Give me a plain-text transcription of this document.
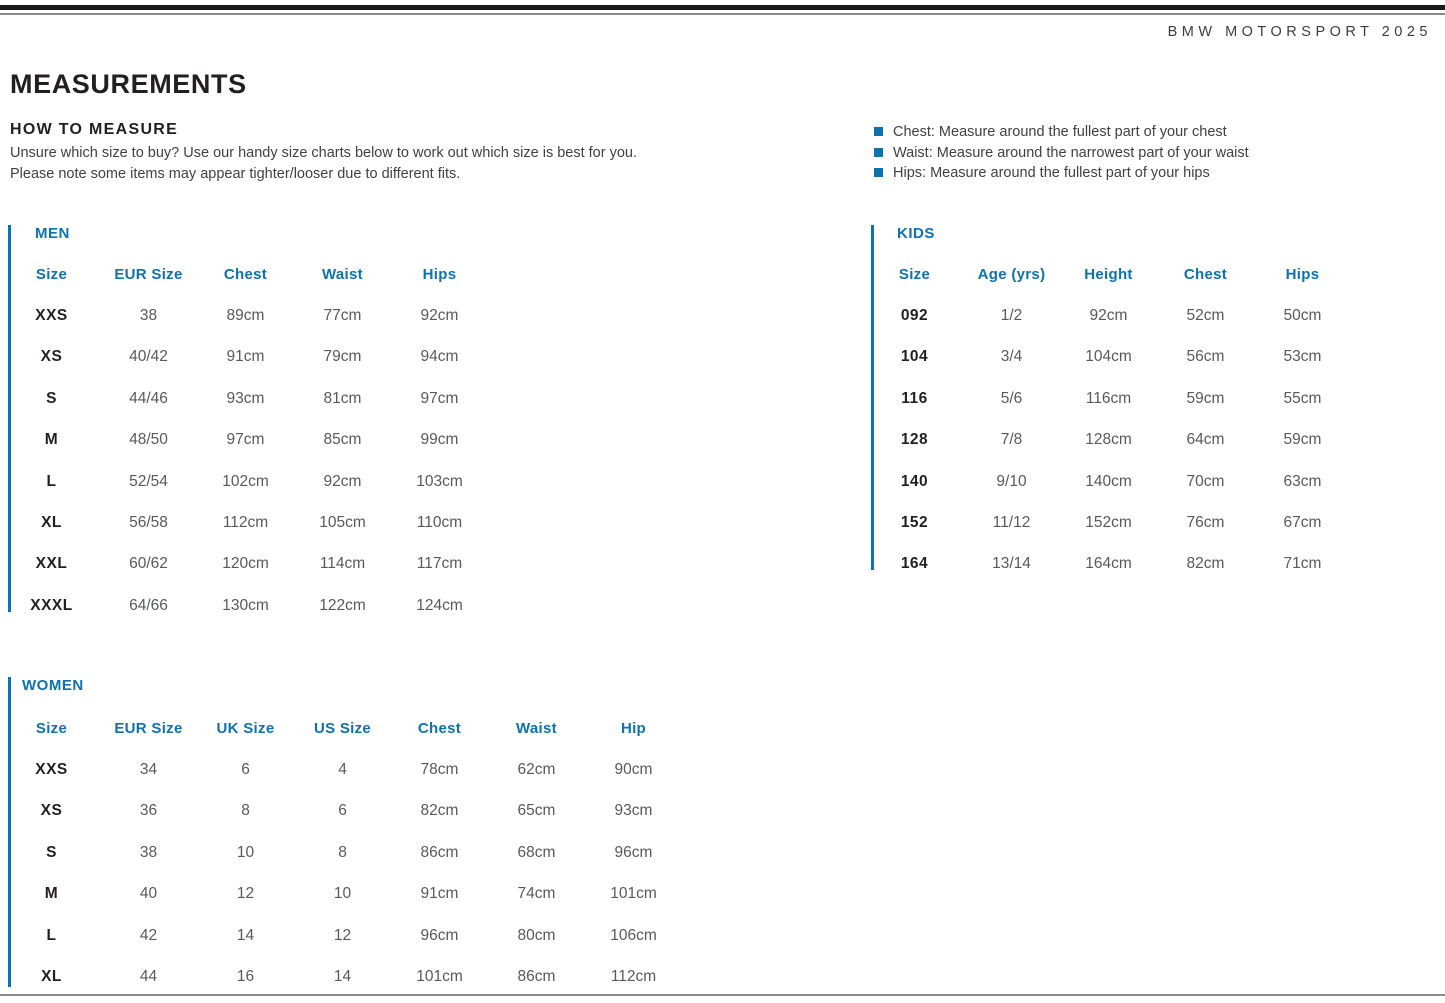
BMW MOTORSPORT 2025
MEASUREMENTS
HOW TO MEASURE
Unsure which size to buy? Use our handy size charts below to work out which size is best for you.
Please note some items may appear tighter/looser due to different fits.
Chest: Measure around the fullest part of your chest
Waist: Measure around the narrowest part of your waist
Hips: Measure around the fullest part of your hips
MEN
Size	EUR Size	Chest	Waist	Hips
XXS	38	89cm	77cm	92cm
XS	40/42	91cm	79cm	94cm
S	44/46	93cm	81cm	97cm
M	48/50	97cm	85cm	99cm
L	52/54	102cm	92cm	103cm
XL	56/58	112cm	105cm	110cm
XXL	60/62	120cm	114cm	117cm
XXXL	64/66	130cm	122cm	124cm
KIDS
Size	Age (yrs)	Height	Chest	Hips
092	1/2	92cm	52cm	50cm
104	3/4	104cm	56cm	53cm
116	5/6	116cm	59cm	55cm
128	7/8	128cm	64cm	59cm
140	9/10	140cm	70cm	63cm
152	11/12	152cm	76cm	67cm
164	13/14	164cm	82cm	71cm
WOMEN
Size	EUR Size	UK Size	US Size	Chest	Waist	Hip
XXS	34	6	4	78cm	62cm	90cm
XS	36	8	6	82cm	65cm	93cm
S	38	10	8	86cm	68cm	96cm
M	40	12	10	91cm	74cm	101cm
L	42	14	12	96cm	80cm	106cm
XL	44	16	14	101cm	86cm	112cm
